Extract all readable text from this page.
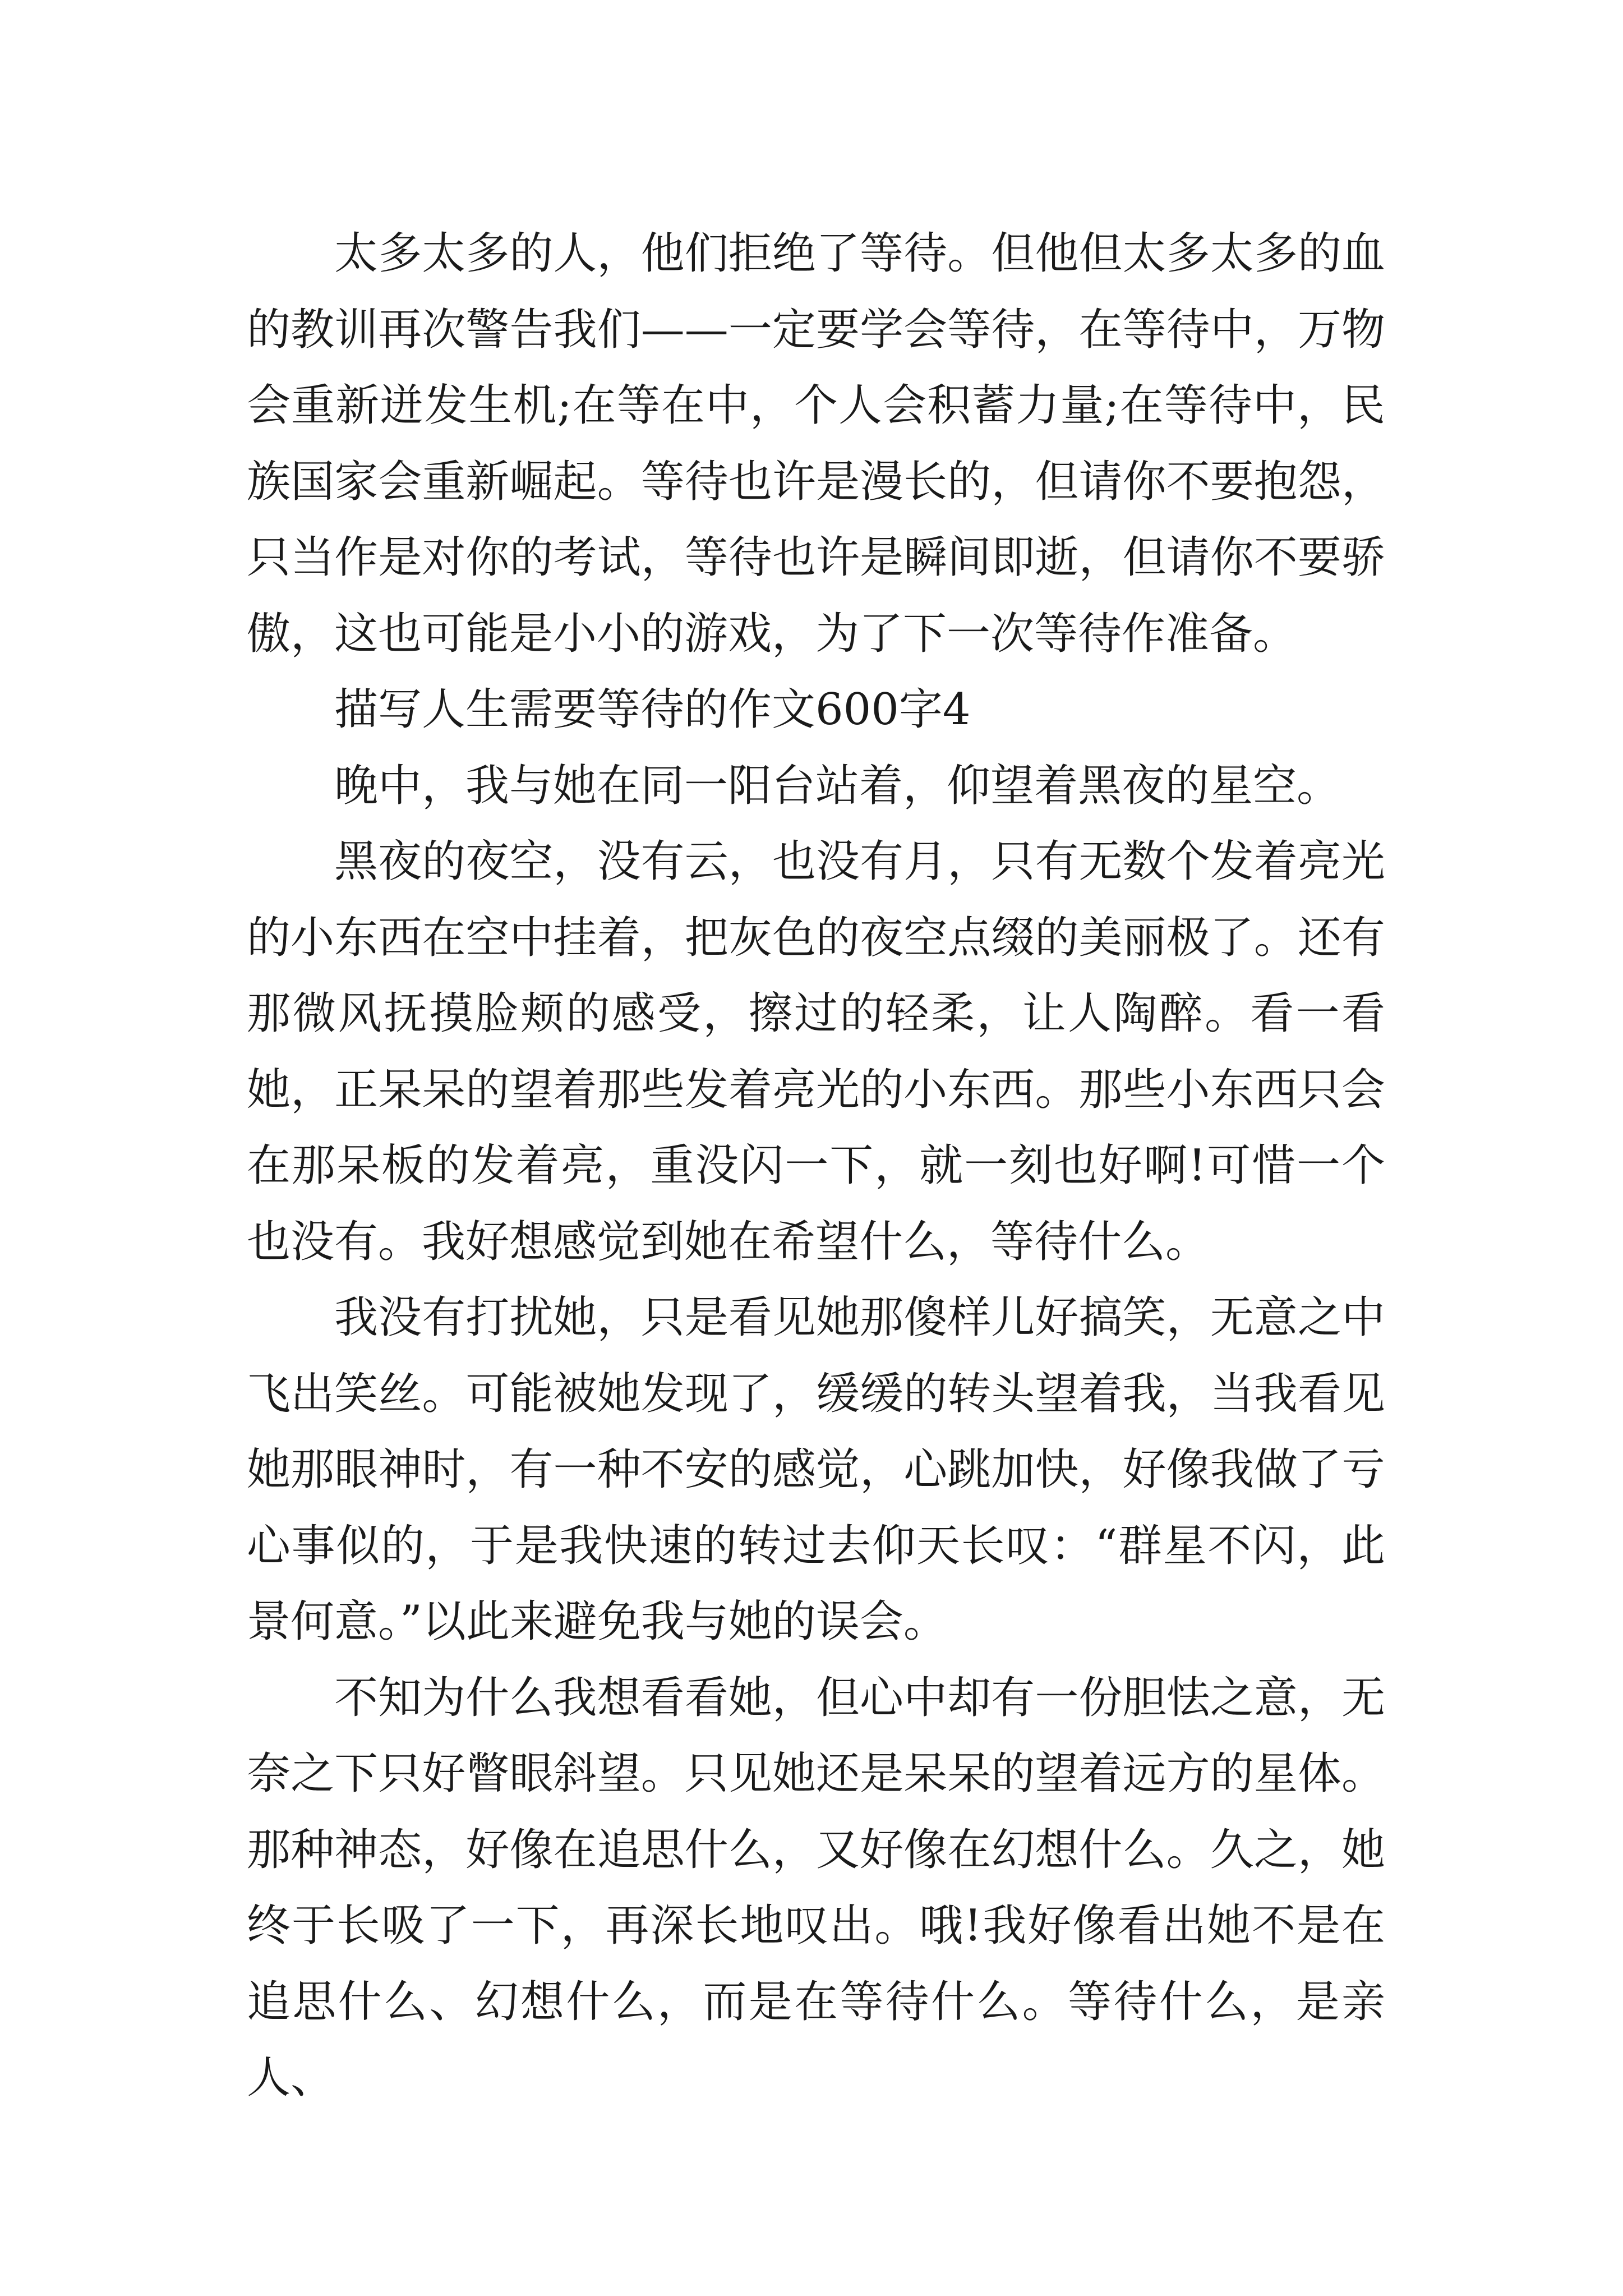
太多太多的人，他们拒绝了等待。但他但太多太多的血的教训再次警告我们——一定要学会等待，在等待中，万物会重新迸发生机;在等在中，个人会积蓄力量;在等待中，民族国家会重新崛起。等待也许是漫长的，但请你不要抱怨，只当作是对你的考试，等待也许是瞬间即逝，但请你不要骄傲，这也可能是小小的游戏，为了下一次等待作准备。

描写人生需要等待的作文600字4

晚中，我与她在同一阳台站着，仰望着黑夜的星空。

黑夜的夜空，没有云，也没有月，只有无数个发着亮光的小东西在空中挂着，把灰色的夜空点缀的美丽极了。还有那微风抚摸脸颊的感受，擦过的轻柔，让人陶醉。看一看她，正呆呆的望着那些发着亮光的小东西。那些小东西只会在那呆板的发着亮，重没闪一下，就一刻也好啊!可惜一个也没有。我好想感觉到她在希望什么，等待什么。

我没有打扰她，只是看见她那傻样儿好搞笑，无意之中飞出笑丝。可能被她发现了，缓缓的转头望着我，当我看见她那眼神时，有一种不安的感觉，心跳加快，好像我做了亏心事似的，于是我快速的转过去仰天长叹：“群星不闪，此景何意。”以此来避免我与她的误会。

不知为什么我想看看她，但心中却有一份胆怯之意，无奈之下只好瞥眼斜望。只见她还是呆呆的望着远方的星体。那种神态，好像在追思什么，又好像在幻想什么。久之，她终于长吸了一下，再深长地叹出。哦!我好像看出她不是在追思什么、幻想什么，而是在等待什么。等待什么，是亲人、
